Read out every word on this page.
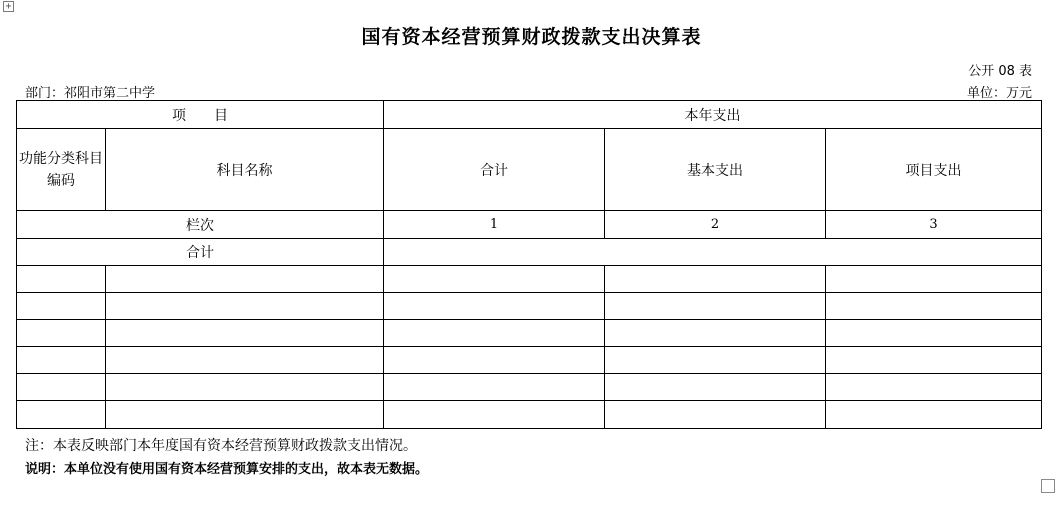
+
国有资本经营预算财政拨款支出决算表
公开 08 表
部门：祁阳市第二中学	单位：万元
项　　目		本年支出		
功能分类科目编码	科目名称	合计	基本支出	项目支出
栏次		1	2	3
合计				

注：本表反映部门本年度国有资本经营预算财政拨款支出情况。
说明：本单位没有使用国有资本经营预算安排的支出，故本表无数据。
